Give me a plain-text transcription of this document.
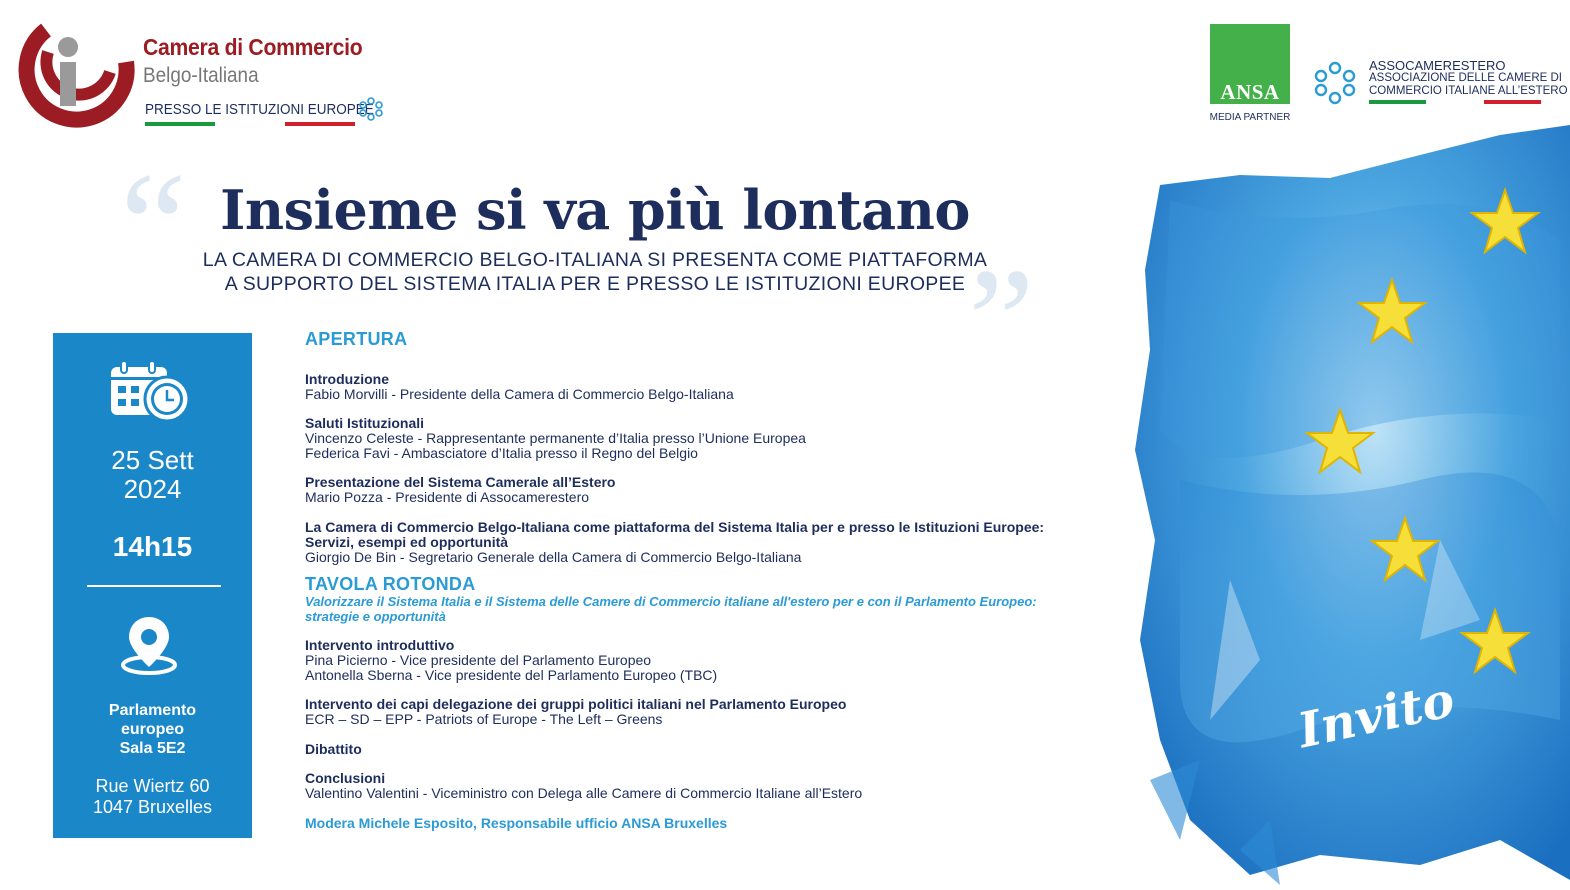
Camera di Commercio
Belgo-Italiana
PRESSO LE ISTITUZIONI EUROPEE
ANSA
MEDIA PARTNER
ASSOCAMERESTERO
ASSOCIAZIONE DELLE CAMERE DI
COMMERCIO ITALIANE ALL’ESTERO
“
”
Insieme si va più lontano
LA CAMERA DI COMMERCIO BELGO-ITALIANA SI PRESENTA COME PIATTAFORMA
A SUPPORTO DEL SISTEMA ITALIA PER E PRESSO LE ISTITUZIONI EUROPEE
25 Sett
2024
14h15
Parlamento
europeo
Sala 5E2
Rue Wiertz 60
1047 Bruxelles
APERTURA
Introduzione
Fabio Morvilli - Presidente della Camera di Commercio Belgo-Italiana
Saluti Istituzionali
Vincenzo Celeste - Rappresentante permanente d’Italia presso l’Unione Europea
Federica Favi - Ambasciatore d’Italia presso il Regno del Belgio
Presentazione del Sistema Camerale all’Estero
Mario Pozza - Presidente di Assocamerestero
La Camera di Commercio Belgo-Italiana come piattaforma del Sistema Italia per e presso le Istituzioni Europee:
Servizi, esempi ed opportunità
Giorgio De Bin - Segretario Generale della Camera di Commercio Belgo-Italiana
TAVOLA ROTONDA
Valorizzare il Sistema Italia e il Sistema delle Camere di Commercio italiane all'estero per e con il Parlamento Europeo:
strategie e opportunità
Intervento introduttivo
Pina Picierno - Vice presidente del Parlamento Europeo
Antonella Sberna - Vice presidente del Parlamento Europeo (TBC)
Intervento dei capi delegazione dei gruppi politici italiani nel Parlamento Europeo
ECR – SD – EPP - Patriots of Europe - The Left – Greens
Dibattito
Conclusioni
Valentino Valentini - Viceministro con Delega alle Camere di Commercio Italiane all’Estero
Modera Michele Esposito, Responsabile ufficio ANSA Bruxelles
Invito
